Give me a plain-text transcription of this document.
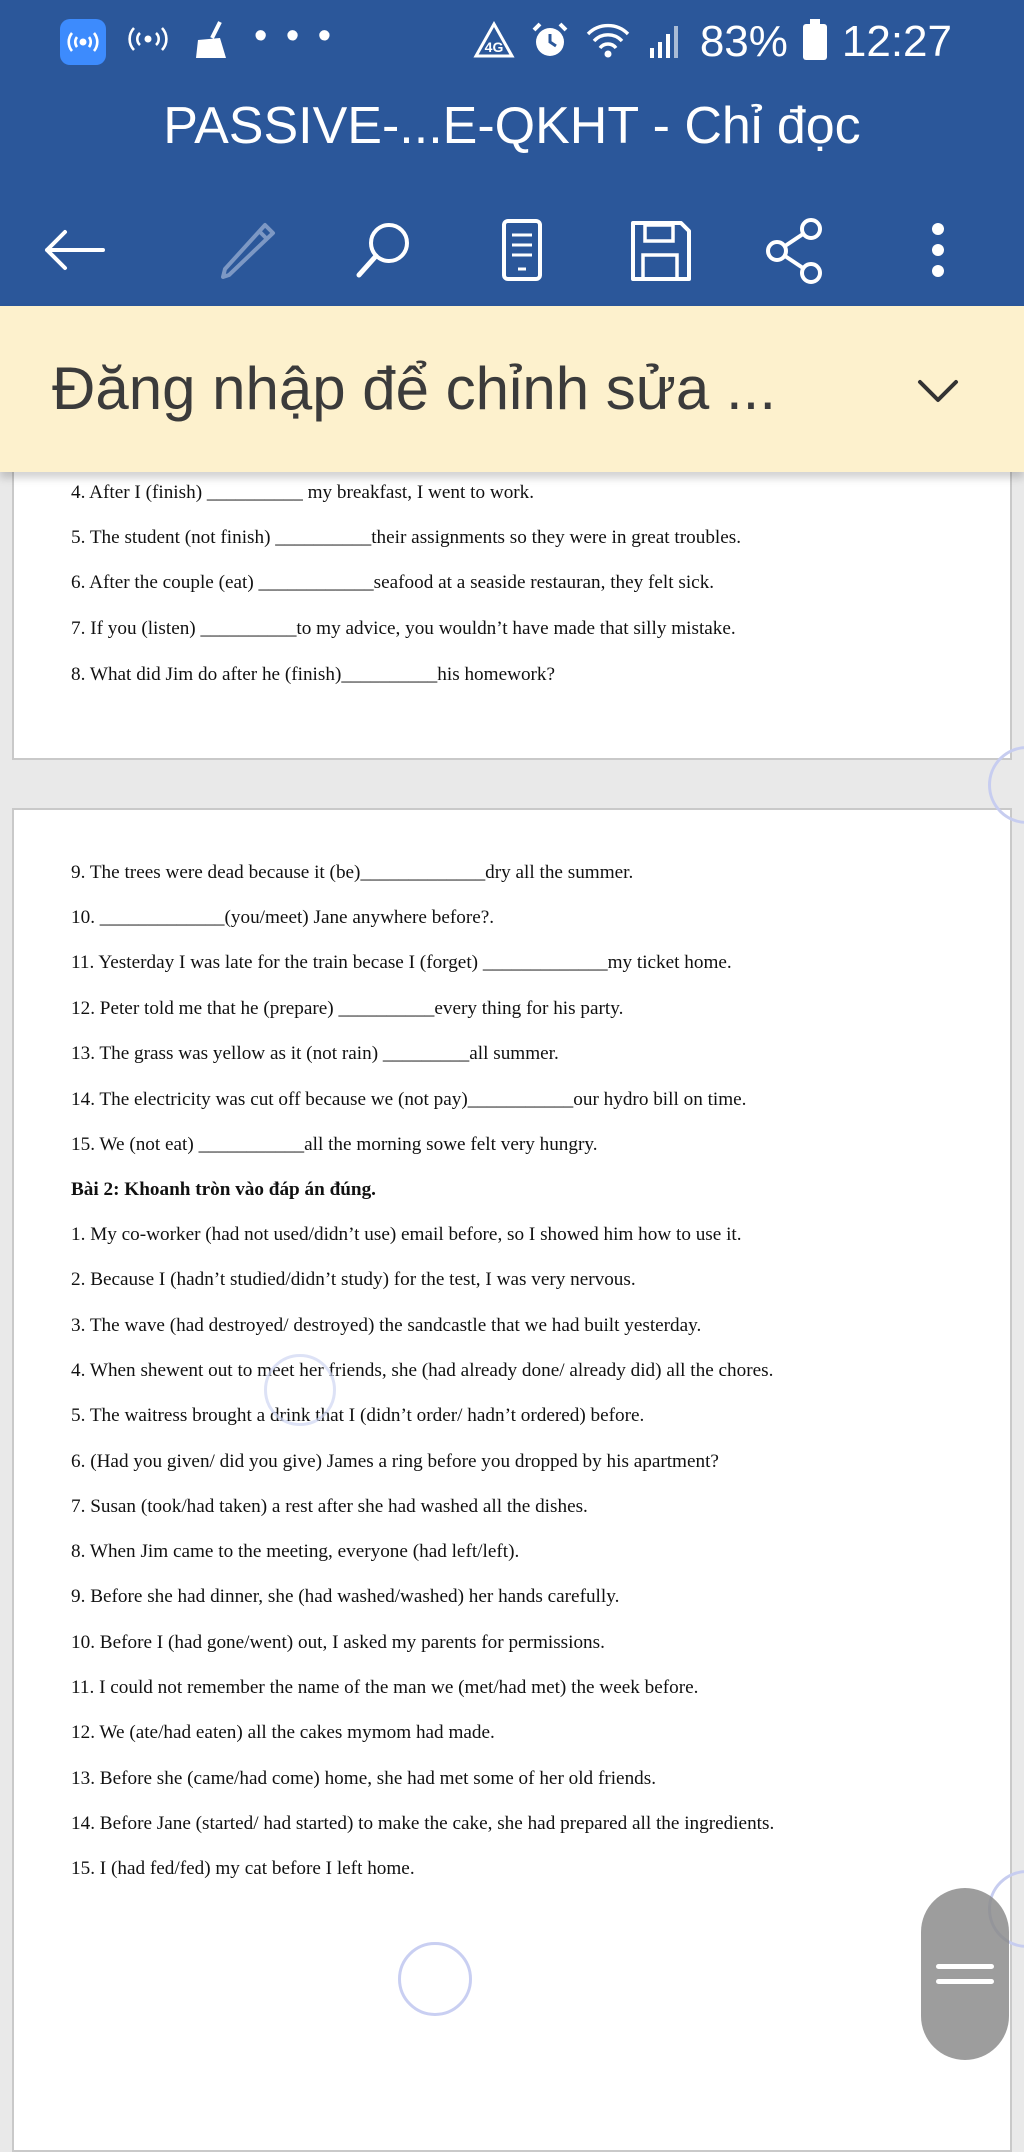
• • •	4G	83% 12:27
PASSIVE-...E-QKHT - Chỉ đọc
Đăng nhập để chỉnh sửa ...
4. After I (finish) __________ my breakfast, I went to work.
5. The student (not finish) __________their assignments so they were in great troubles.
6. After the couple (eat) ____________seafood at a seaside restauran, they felt sick.
7. If you (listen) __________to my advice, you wouldn’t have made that silly mistake.
8. What did Jim do after he (finish)__________his homework?
9. The trees were dead because it (be)_____________dry all the summer.
10. _____________(you/meet) Jane anywhere before?.
11. Yesterday I was late for the train becase I (forget) _____________my ticket home.
12. Peter told me that he (prepare) __________every thing for his party.
13. The grass was yellow as it (not rain) _________all summer.
14. The electricity was cut off because we (not pay)___________our hydro bill on time.
15. We (not eat) ___________all the morning sowe felt very hungry.
Bài 2: Khoanh tròn vào đáp án đúng.
1. My co-worker (had not used/didn’t use) email before, so I showed him how to use it.
2. Because I (hadn’t studied/didn’t study) for the test, I was very nervous.
3. The wave (had destroyed/ destroyed) the sandcastle that we had built yesterday.
4. When shewent out to meet her friends, she (had already done/ already did) all the chores.
5. The waitress brought a drink that I (didn’t order/ hadn’t ordered) before.
6. (Had you given/ did you give) James a ring before you dropped by his apartment?
7. Susan (took/had taken) a rest after she had washed all the dishes.
8. When Jim came to the meeting, everyone (had left/left).
9. Before she had dinner, she (had washed/washed) her hands carefully.
10. Before I (had gone/went) out, I asked my parents for permissions.
11. I could not remember the name of the man we (met/had met) the week before.
12. We (ate/had eaten) all the cakes mymom had made.
13. Before she (came/had come) home, she had met some of her old friends.
14. Before Jane (started/ had started) to make the cake, she had prepared all the ingredients.
15. I (had fed/fed) my cat before I left home.
